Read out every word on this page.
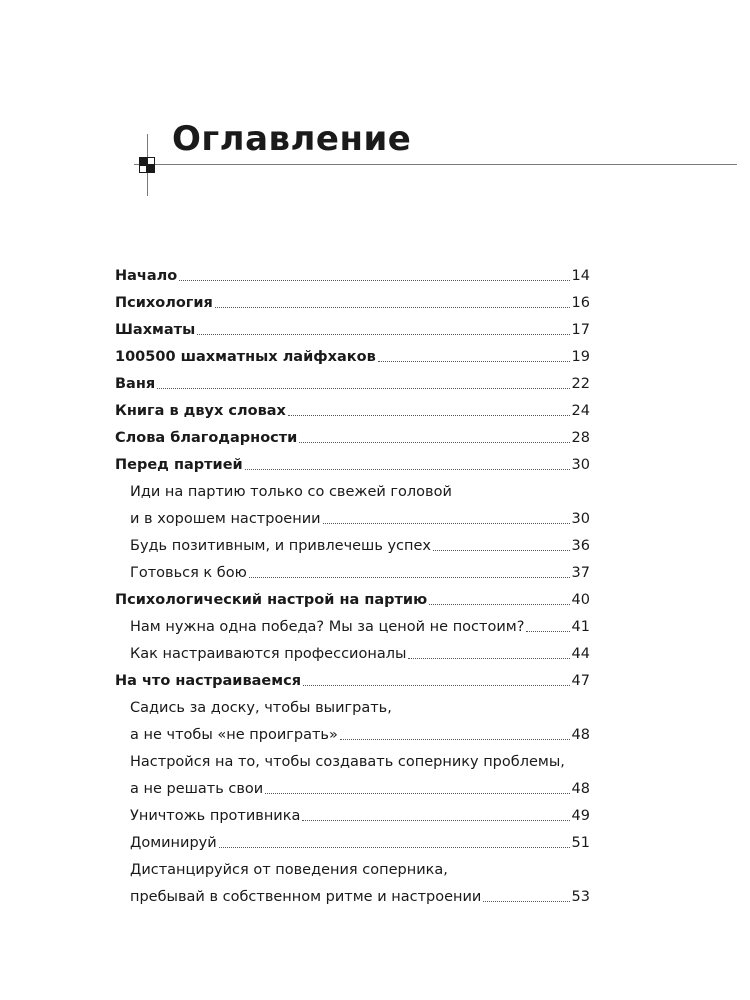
Оглавление
Начало	14
Психология	16
Шахматы	17
100500 шахматных лайфхаков	19
Ваня	22
Книга в двух словах	24
Слова благодарности	28
Перед партией	30
Иди на партию только со свежей головой
и в хорошем настроении	30
Будь позитивным, и привлечешь успех	36
Готовься к бою	37
Психологический настрой на партию	40
Нам нужна одна победа? Мы за ценой не постоим?	41
Как настраиваются профессионалы	44
На что настраиваемся	47
Садись за доску, чтобы выиграть,
а не чтобы «не проиграть»	48
Настройся на то, чтобы создавать сопернику проблемы,
а не решать свои	48
Уничтожь противника	49
Доминируй	51
Дистанцируйся от поведения соперника,
пребывай в собственном ритме и настроении	53
